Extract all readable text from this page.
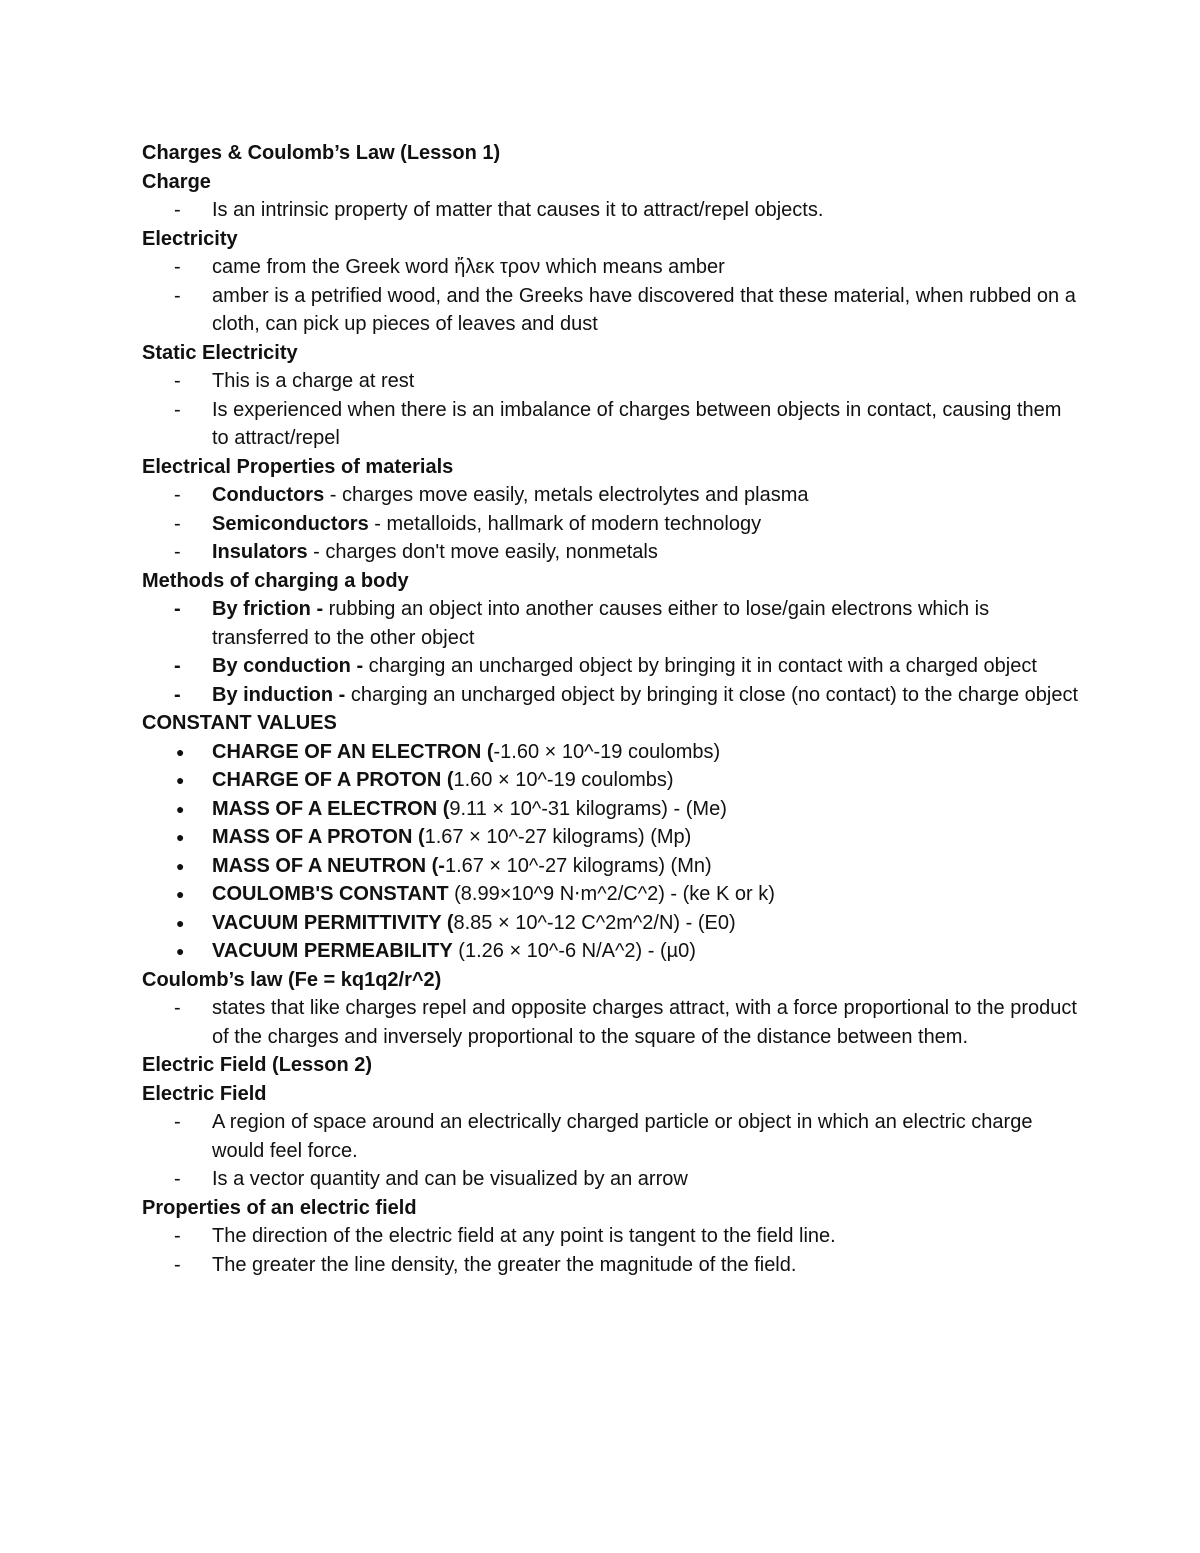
Charges & Coulomb’s Law (Lesson 1)

Charge

-	Is an intrinsic property of matter that causes it to attract/repel objects.

Electricity

-	came from the Greek word ἤλεκ τρον which means amber
-	amber is a petrified wood, and the Greeks have discovered that these material, when rubbed on a cloth, can pick up pieces of leaves and dust

Static Electricity

-	This is a charge at rest
-	Is experienced when there is an imbalance of charges between objects in contact, causing them to attract/repel

Electrical Properties of materials

-	Conductors - charges move easily, metals electrolytes and plasma
-	Semiconductors - metalloids, hallmark of modern technology
-	Insulators - charges don't move easily, nonmetals

Methods of charging a body

-	By friction - rubbing an object into another causes either to lose/gain electrons which is transferred to the other object
-	By conduction - charging an uncharged object by bringing it in contact with a charged object
-	By induction - charging an uncharged object by bringing it close (no contact) to the charge object

CONSTANT VALUES

●	CHARGE OF AN ELECTRON (-1.60 × 10^-19 coulombs)
●	CHARGE OF A PROTON (1.60 × 10^-19 coulombs)
●	MASS OF A ELECTRON (9.11 × 10^-31 kilograms) - (Me)
●	MASS OF A PROTON (1.67 × 10^-27 kilograms) (Mp)
●	MASS OF A NEUTRON (-1.67 × 10^-27 kilograms) (Mn)
●	COULOMB'S CONSTANT (8.99×10^9 N⋅m^2/C^2) - (ke K or k)
●	VACUUM PERMITTIVITY (8.85 × 10^-12 C^2m^2/N) - (E0)
●	VACUUM PERMEABILITY (1.26 × 10^-6 N/A^2) - (µ0)

Coulomb’s law (Fe = kq1q2/r^2)

-	states that like charges repel and opposite charges attract, with a force proportional to the product of the charges and inversely proportional to the square of the distance between them.

Electric Field (Lesson 2)

Electric Field

-	A region of space around an electrically charged particle or object in which an electric charge would feel force.
-	Is a vector quantity and can be visualized by an arrow

Properties of an electric field

-	The direction of the electric field at any point is tangent to the field line.
-	The greater the line density, the greater the magnitude of the field.
